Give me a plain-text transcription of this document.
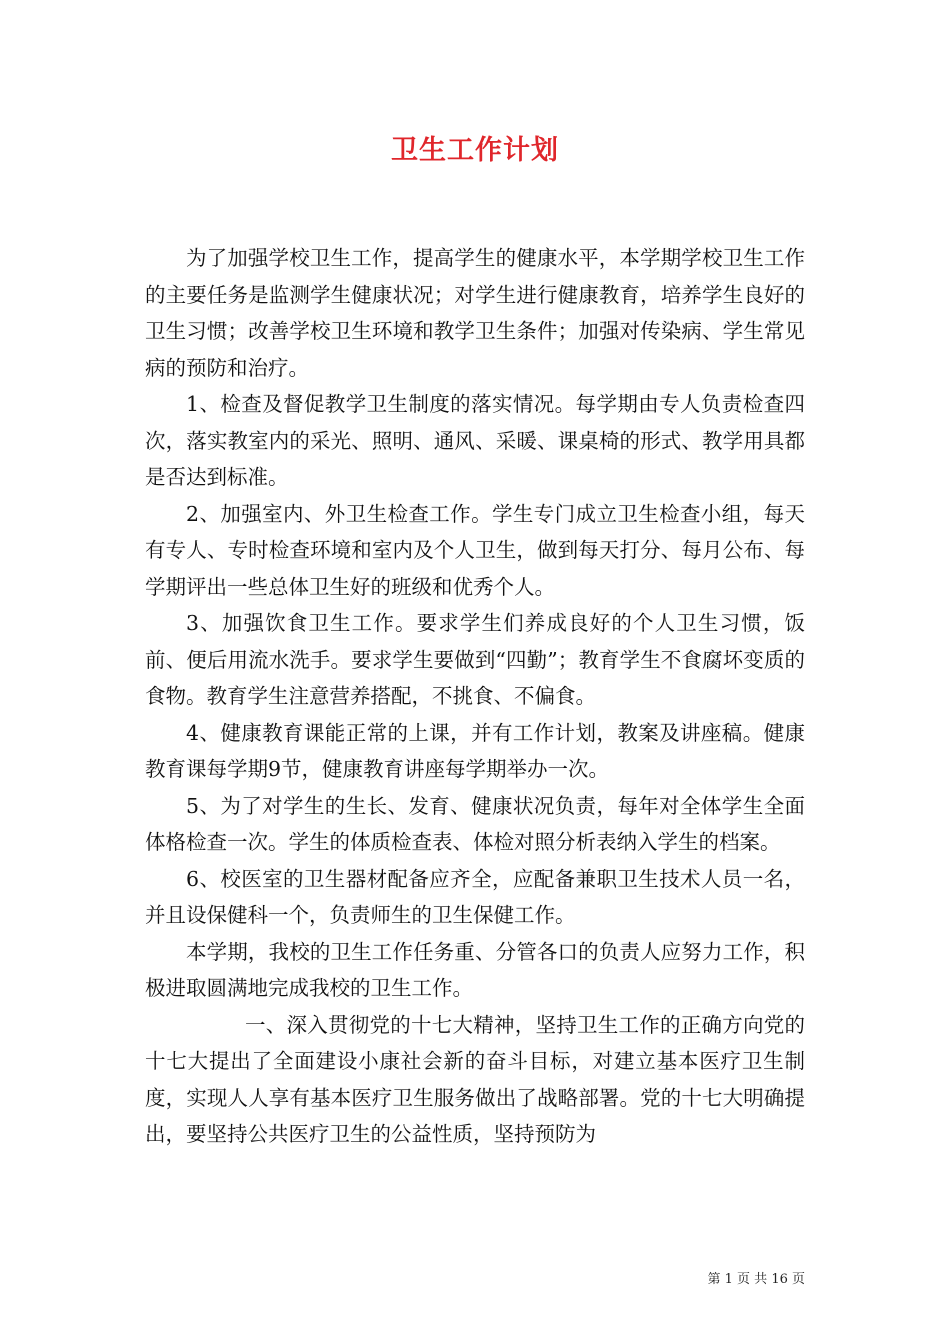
卫生工作计划

为了加强学校卫生工作，提高学生的健康水平，本学期学校卫生工作的主要任务是监测学生健康状况；对学生进行健康教育，培养学生良好的卫生习惯；改善学校卫生环境和教学卫生条件；加强对传染病、学生常见病的预防和治疗。

1、检查及督促教学卫生制度的落实情况。每学期由专人负责检查四次，落实教室内的采光、照明、通风、采暖、课桌椅的形式、教学用具都是否达到标准。

2、加强室内、外卫生检查工作。学生专门成立卫生检查小组，每天有专人、专时检查环境和室内及个人卫生，做到每天打分、每月公布、每学期评出一些总体卫生好的班级和优秀个人。

3、加强饮食卫生工作。要求学生们养成良好的个人卫生习惯，饭前、便后用流水洗手。要求学生要做到“四勤”；教育学生不食腐坏变质的食物。教育学生注意营养搭配，不挑食、不偏食。

4、健康教育课能正常的上课，并有工作计划，教案及讲座稿。健康教育课每学期9节，健康教育讲座每学期举办一次。

5、为了对学生的生长、发育、健康状况负责，每年对全体学生全面体格检查一次。学生的体质检查表、体检对照分析表纳入学生的档案。

6、校医室的卫生器材配备应齐全，应配备兼职卫生技术人员一名，并且设保健科一个，负责师生的卫生保健工作。

本学期，我校的卫生工作任务重、分管各口的负责人应努力工作，积极进取圆满地完成我校的卫生工作。

一、深入贯彻党的十七大精神，坚持卫生工作的正确方向党的十七大提出了全面建设小康社会新的奋斗目标，对建立基本医疗卫生制度，实现人人享有基本医疗卫生服务做出了战略部署。党的十七大明确提出，要坚持公共医疗卫生的公益性质，坚持预防为

第 1 页 共 16 页
